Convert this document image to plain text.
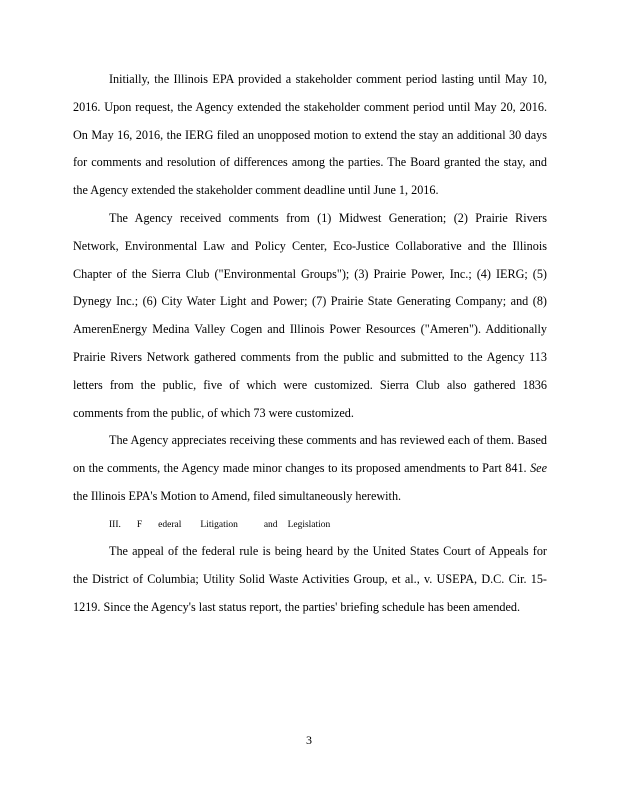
Initially, the Illinois EPA provided a stakeholder comment period lasting until May 10, 2016. Upon request, the Agency extended the stakeholder comment period until May 20, 2016. On May 16, 2016, the IERG filed an unopposed motion to extend the stay an additional 30 days for comments and resolution of differences among the parties. The Board granted the stay, and the Agency extended the stakeholder comment deadline until June 1, 2016.

The Agency received comments from (1) Midwest Generation; (2) Prairie Rivers Network, Environmental Law and Policy Center, Eco-Justice Collaborative and the Illinois Chapter of the Sierra Club ("Environmental Groups"); (3) Prairie Power, Inc.; (4) IERG; (5) Dynegy Inc.; (6) City Water Light and Power; (7) Prairie State Generating Company; and (8) AmerenEnergy Medina Valley Cogen and Illinois Power Resources ("Ameren"). Additionally Prairie Rivers Network gathered comments from the public and submitted to the Agency 113 letters from the public, five of which were customized. Sierra Club also gathered 1836 comments from the public, of which 73 were customized.

The Agency appreciates receiving these comments and has reviewed each of them. Based on the comments, the Agency made minor changes to its proposed amendments to Part 841. See the Illinois EPA's Motion to Amend, filed simultaneously herewith.

III. F ederal Litigation	and Legislation

The appeal of the federal rule is being heard by the United States Court of Appeals for the District of Columbia; Utility Solid Waste Activities Group, et al., v. USEPA, D.C. Cir. 15-1219. Since the Agency's last status report, the parties' briefing schedule has been amended.

3
